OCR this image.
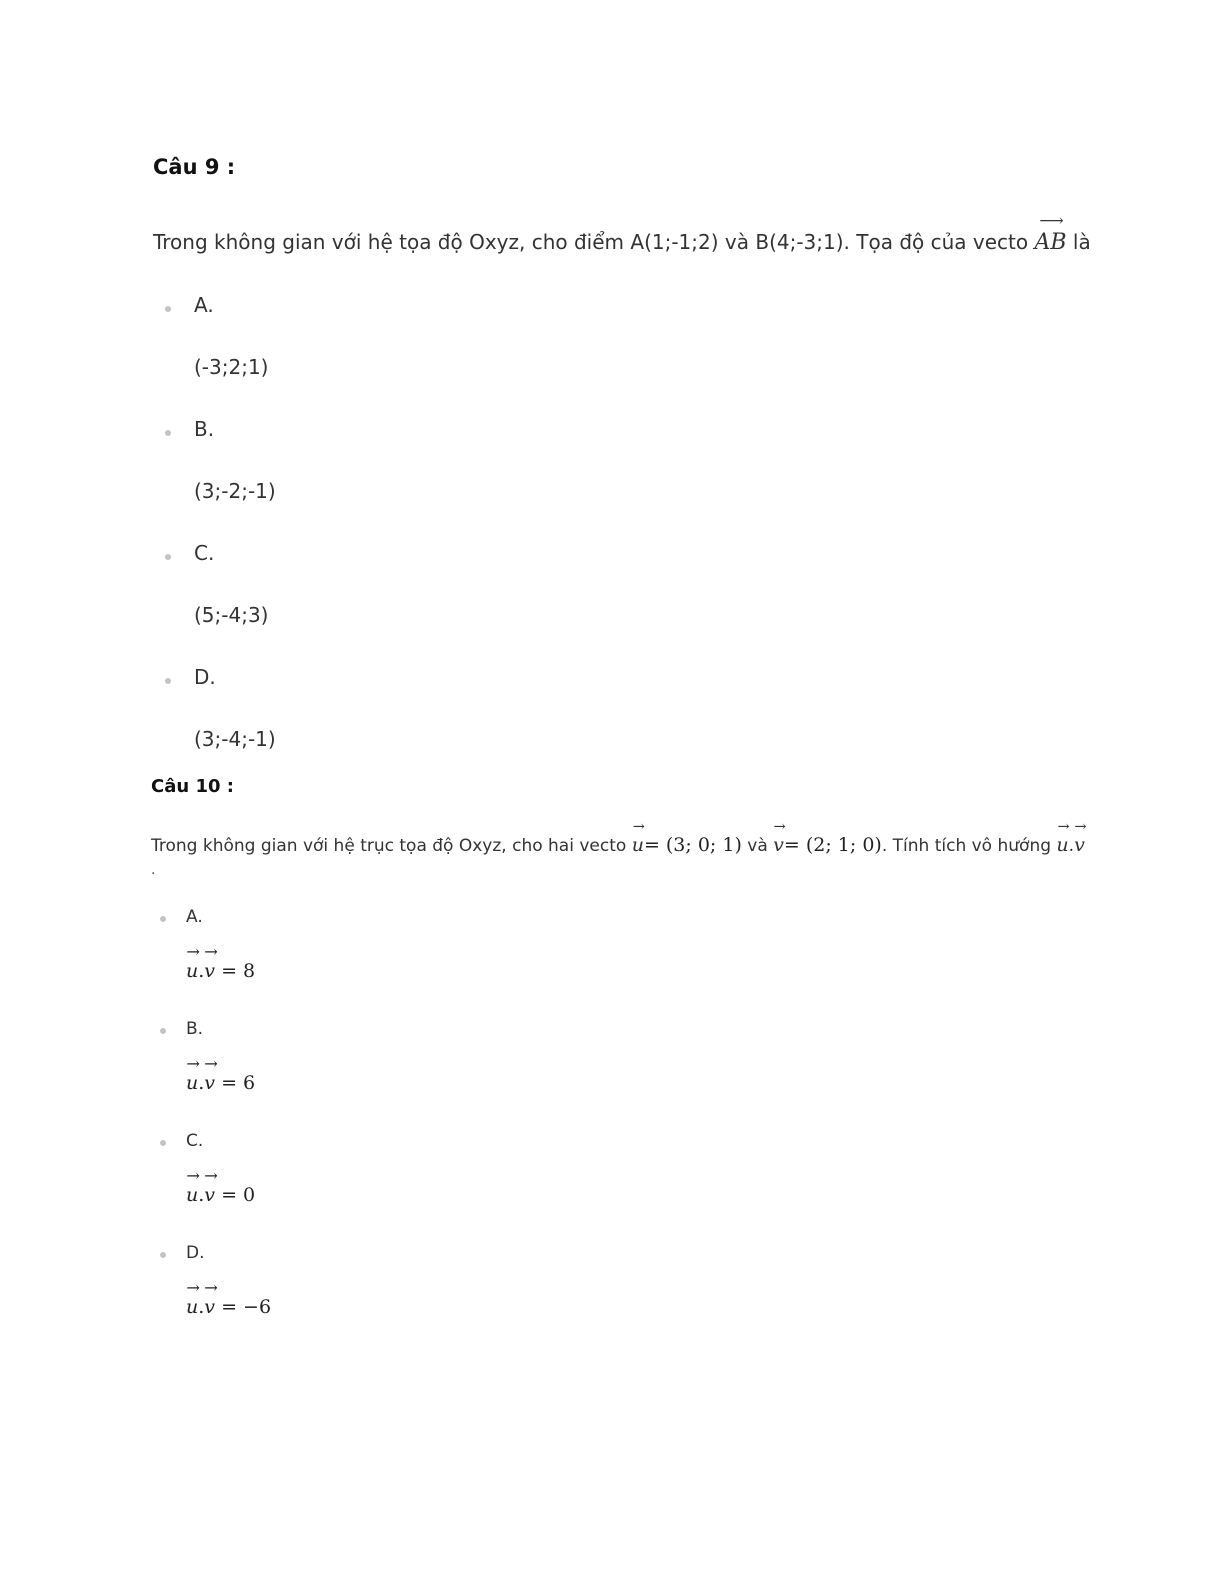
Câu 9 :

Trong không gian với hệ tọa độ Oxyz, cho điểm A(1;-1;2) và B(4;-3;1). Tọa độ của vecto
⟶
AB là

A.
(-3;2;1)
B.
(3;-2;-1)
C.
(5;-4;3)
D.
(3;-4;-1)
Câu 10 :

Trong không gian với hệ trục tọa độ Oxyz, cho hai vecto
→
u= (3; 0; 1) và
→
v= (2; 1; 0). Tính tích vô hướng
→
u.
→
v

.

A.
→
u.
→
v = 8
B.
→
u.
→
v = 6
C.
→
u.
→
v = 0
D.
→
u.
→
v = −6
